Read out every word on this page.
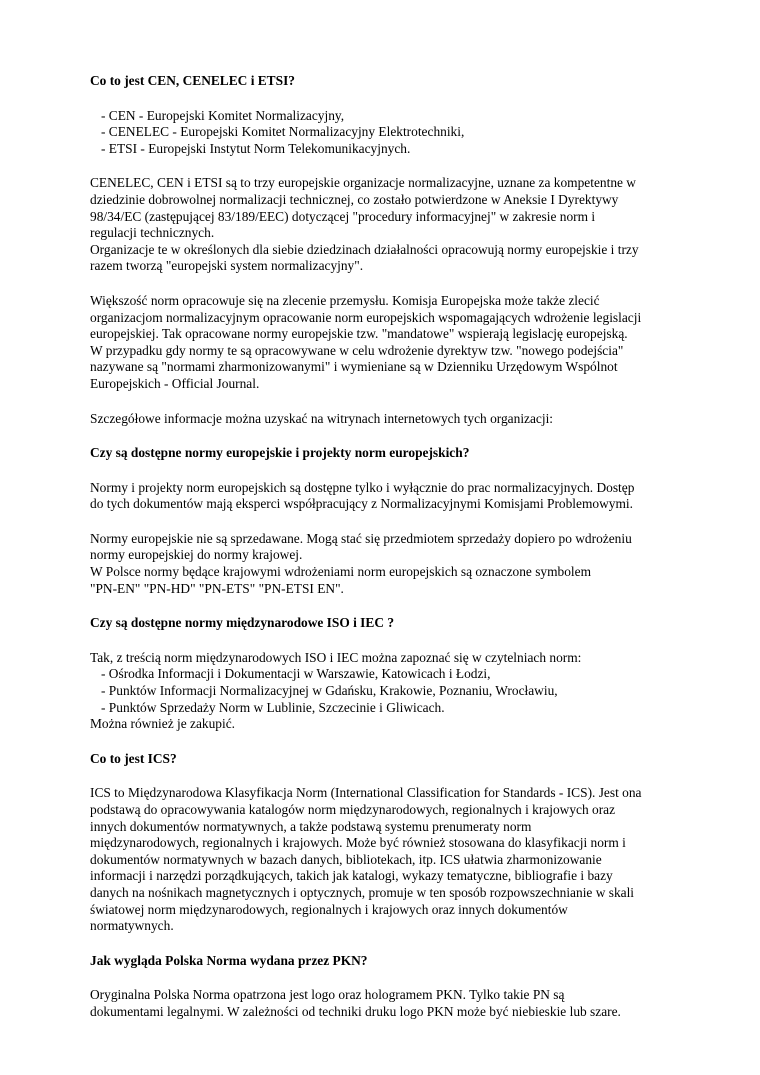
Co to jest CEN, CENELEC i ETSI?

- CEN - Europejski Komitet Normalizacyjny,
- CENELEC - Europejski Komitet Normalizacyjny Elektrotechniki,
- ETSI - Europejski Instytut Norm Telekomunikacyjnych.
CENELEC, CEN i ETSI są to trzy europejskie organizacje normalizacyjne, uznane za kompetentne w
dziedzinie dobrowolnej normalizacji technicznej, co zostało potwierdzone w Aneksie I Dyrektywy
98/34/EC (zastępującej 83/189/EEC) dotyczącej "procedury informacyjnej" w zakresie norm i
regulacji technicznych.
Organizacje te w określonych dla siebie dziedzinach działalności opracowują normy europejskie i trzy
razem tworzą "europejski system normalizacyjny".
Większość norm opracowuje się na zlecenie przemysłu. Komisja Europejska może także zlecić
organizacjom normalizacyjnym opracowanie norm europejskich wspomagających wdrożenie legislacji
europejskiej. Tak opracowane normy europejskie tzw. "mandatowe" wspierają legislację europejską.
W przypadku gdy normy te są opracowywane w celu wdrożenie dyrektyw tzw. "nowego podejścia"
nazywane są "normami zharmonizowanymi" i wymieniane są w Dzienniku Urzędowym Wspólnot
Europejskich - Official Journal.
Szczegółowe informacje można uzyskać na witrynach internetowych tych organizacji:

Czy są dostępne normy europejskie i projekty norm europejskich?

Normy i projekty norm europejskich są dostępne tylko i wyłącznie do prac normalizacyjnych. Dostęp
do tych dokumentów mają eksperci współpracujący z Normalizacyjnymi Komisjami Problemowymi.
Normy europejskie nie są sprzedawane. Mogą stać się przedmiotem sprzedaży dopiero po wdrożeniu
normy europejskiej do normy krajowej.
W Polsce normy będące krajowymi wdrożeniami norm europejskich są oznaczone symbolem
"PN-EN" "PN-HD" "PN-ETS" "PN-ETSI EN".

Czy są dostępne normy międzynarodowe ISO i IEC ?

Tak, z treścią norm międzynarodowych ISO i IEC można zapoznać się w czytelniach norm:
- Ośrodka Informacji i Dokumentacji w Warszawie, Katowicach i Łodzi,
- Punktów Informacji Normalizacyjnej w Gdańsku, Krakowie, Poznaniu, Wrocławiu,
- Punktów Sprzedaży Norm w Lublinie, Szczecinie i Gliwicach.
Można również je zakupić.

Co to jest ICS?

ICS to Międzynarodowa Klasyfikacja Norm (International Classification for Standards - ICS). Jest ona
podstawą do opracowywania katalogów norm międzynarodowych, regionalnych i krajowych oraz
innych dokumentów normatywnych, a także podstawą systemu prenumeraty norm
międzynarodowych, regionalnych i krajowych. Może być również stosowana do klasyfikacji norm i
dokumentów normatywnych w bazach danych, bibliotekach, itp. ICS ułatwia zharmonizowanie
informacji i narzędzi porządkujących, takich jak katalogi, wykazy tematyczne, bibliografie i bazy
danych na nośnikach magnetycznych i optycznych, promuje w ten sposób rozpowszechnianie w skali
światowej norm międzynarodowych, regionalnych i krajowych oraz innych dokumentów
normatywnych.

Jak wygląda Polska Norma wydana przez PKN?

Oryginalna Polska Norma opatrzona jest logo oraz hologramem PKN. Tylko takie PN są
dokumentami legalnymi. W zależności od techniki druku logo PKN może być niebieskie lub szare.
